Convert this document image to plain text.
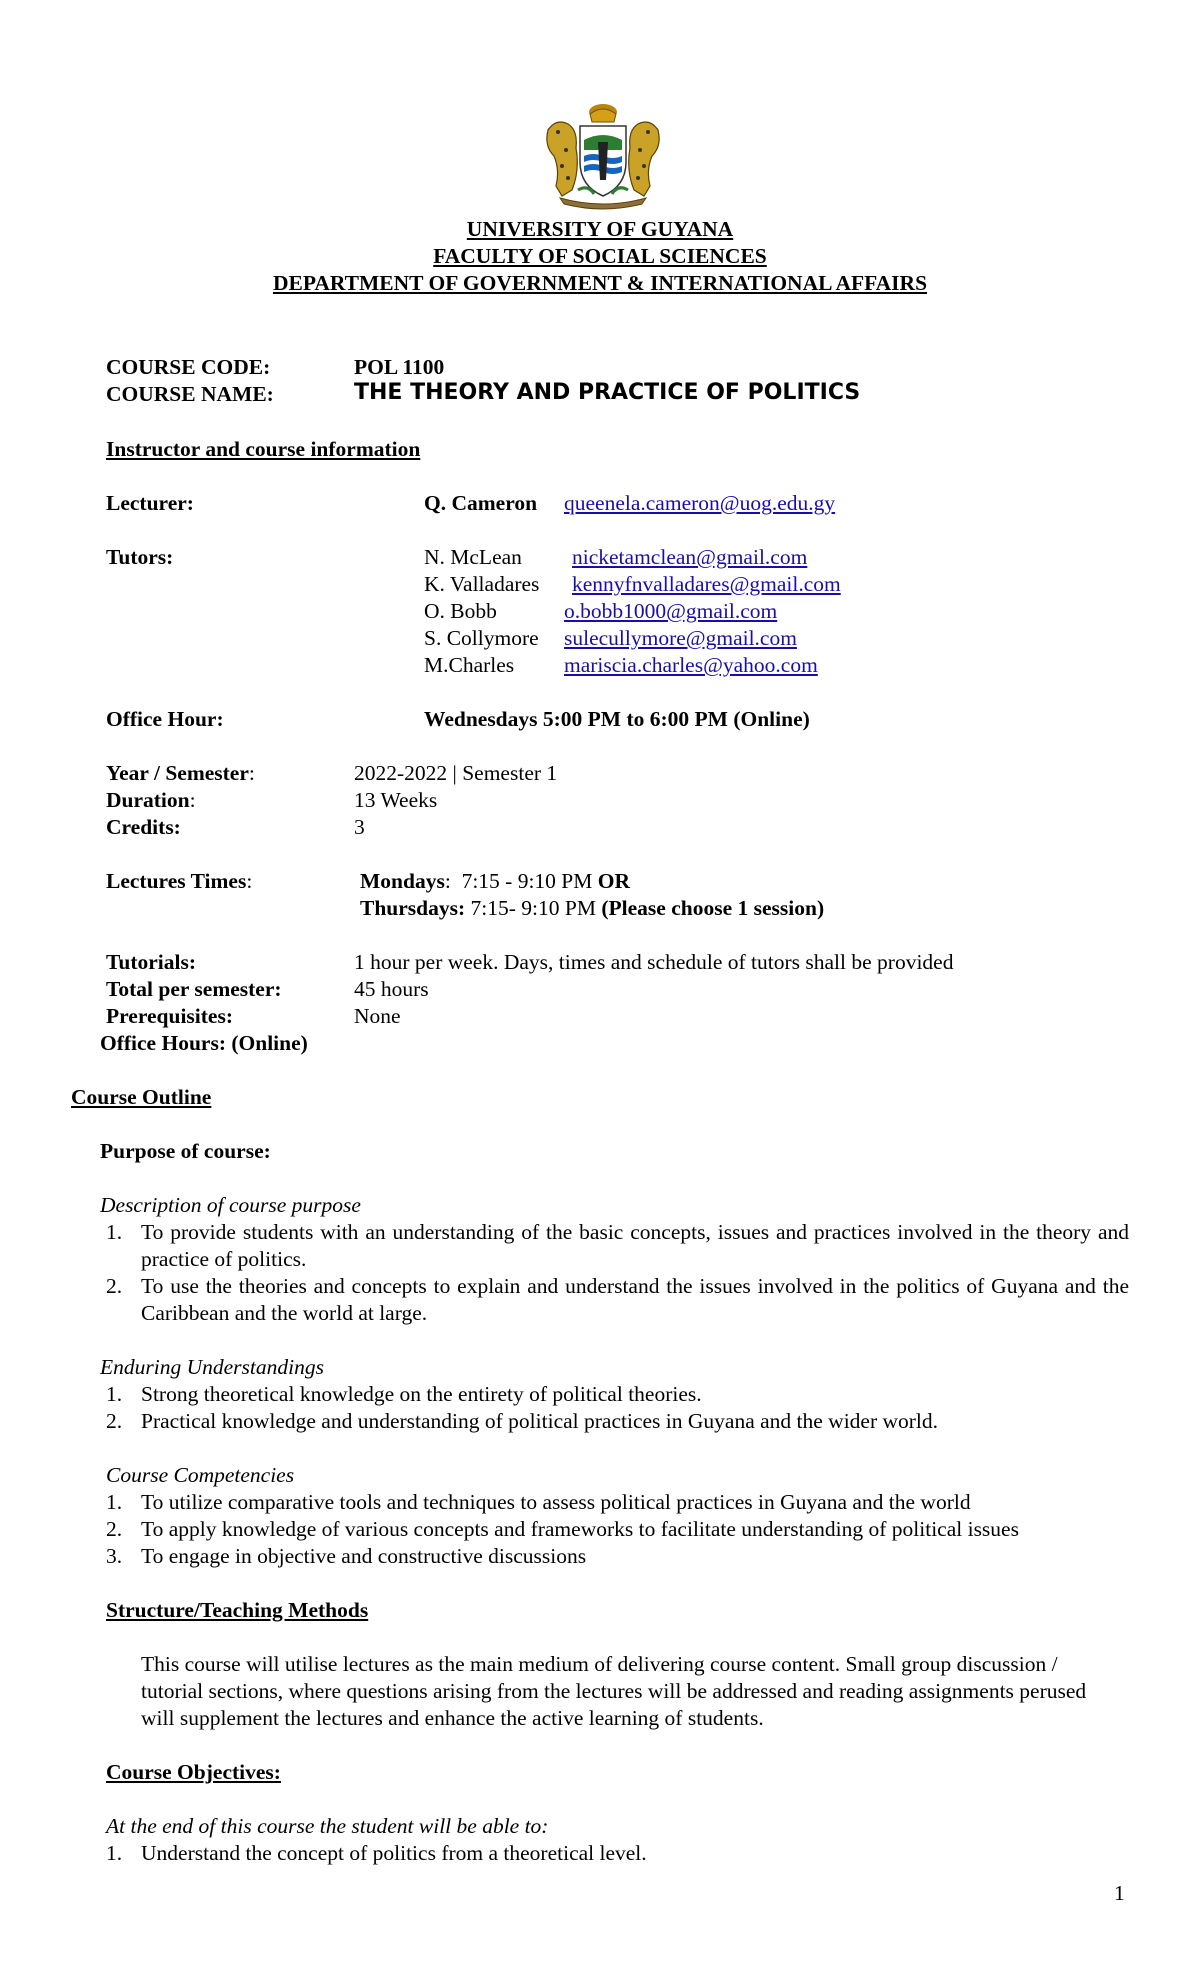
UNIVERSITY OF GUYANA
FACULTY OF SOCIAL SCIENCES
DEPARTMENT OF GOVERNMENT & INTERNATIONAL AFFAIRS
COURSE CODE:	POL 1100
COURSE NAME:	THE THEORY AND PRACTICE OF POLITICS
Instructor and course information
Lecturer:	Q. Cameron queenela.cameron@uog.edu.gy
Tutors:	N. McLean nicketamclean@gmail.com
K. Valladares kennyfnvalladares@gmail.com
O. Bobb	o.bobb1000@gmail.com
S. Collymore sulecullymore@gmail.com
M.Charles mariscia.charles@yahoo.com
Office Hour:	Wednesdays 5:00 PM to 6:00 PM (Online)
Year / Semester:	2022-2022 | Semester 1
Duration:	13 Weeks
Credits:	3
Lectures Times:	Mondays:  7:15 - 9:10 PM OR
Thursdays: 7:15- 9:10 PM (Please choose 1 session)
Tutorials:	1 hour per week. Days, times and schedule of tutors shall be provided
Total per semester:	45 hours
Prerequisites:	None
Office Hours: (Online)
Course Outline
Purpose of course:
Description of course purpose
1. To provide students with an understanding of the basic concepts, issues and practices involved in the theory and practice of politics.
2. To use the theories and concepts to explain and understand the issues involved in the politics of Guyana and the Caribbean and the world at large.
Enduring Understandings
1. Strong theoretical knowledge on the entirety of political theories.
2. Practical knowledge and understanding of political practices in Guyana and the wider world.
Course Competencies
1. To utilize comparative tools and techniques to assess political practices in Guyana and the world
2. To apply knowledge of various concepts and frameworks to facilitate understanding of political issues
3. To engage in objective and constructive discussions
Structure/Teaching Methods
This course will utilise lectures as the main medium of delivering course content. Small group discussion / tutorial sections, where questions arising from the lectures will be addressed and reading assignments perused will supplement the lectures and enhance the active learning of students.
Course Objectives:
At the end of this course the student will be able to:
1. Understand the concept of politics from a theoretical level.
1
